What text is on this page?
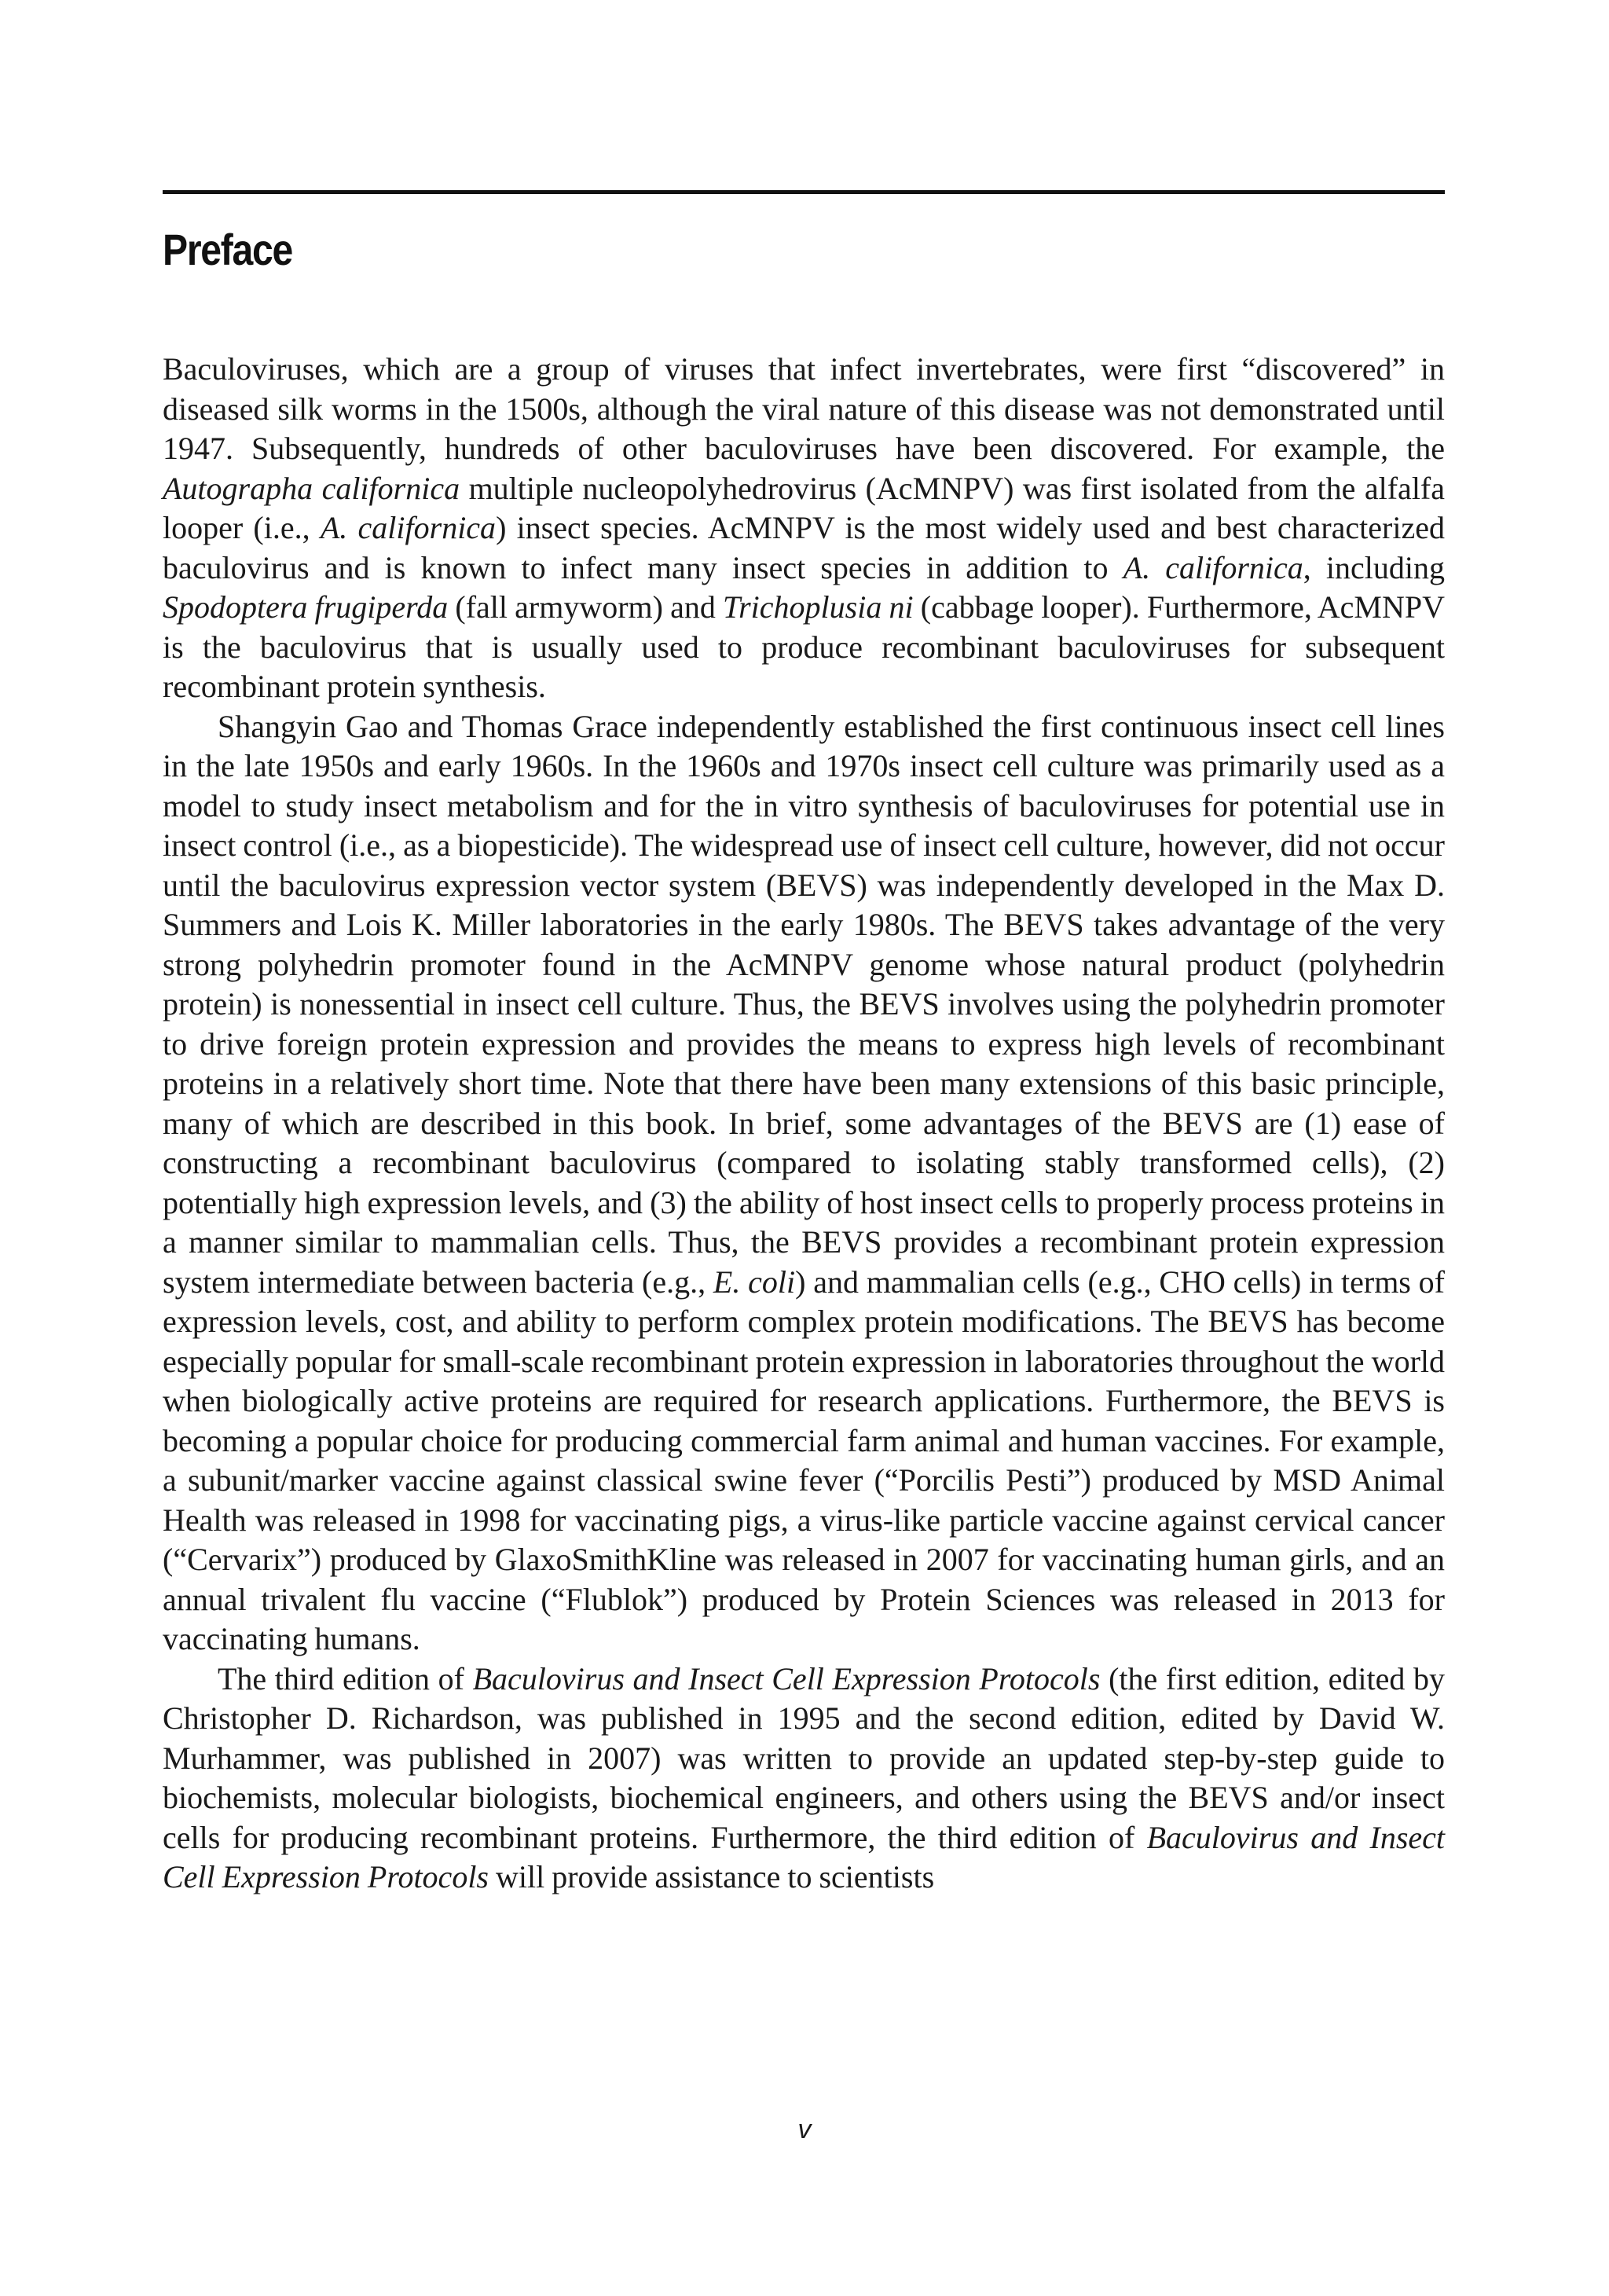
Preface

Baculoviruses, which are a group of viruses that infect invertebrates, were first “discovered” in diseased silk worms in the 1500s, although the viral nature of this disease was not demonstrated until 1947. Subsequently, hundreds of other baculoviruses have been discovered. For example, the Autographa californica multiple nucleopolyhedrovirus (AcMNPV) was first isolated from the alfalfa looper (i.e., A. californica) insect species. AcMNPV is the most widely used and best characterized baculovirus and is known to infect many insect species in addition to A. californica, including Spodoptera frugiperda (fall armyworm) and Trichoplusia ni (cabbage looper). Furthermore, AcMNPV is the baculovirus that is usually used to produce recombinant baculoviruses for subsequent recombinant protein synthesis.

Shangyin Gao and Thomas Grace independently established the first continuous insect cell lines in the late 1950s and early 1960s. In the 1960s and 1970s insect cell culture was primarily used as a model to study insect metabolism and for the in vitro synthesis of baculoviruses for potential use in insect control (i.e., as a biopesticide). The widespread use of insect cell culture, however, did not occur until the baculovirus expression vector system (BEVS) was independently developed in the Max D. Summers and Lois K. Miller laboratories in the early 1980s. The BEVS takes advantage of the very strong polyhedrin promoter found in the AcMNPV genome whose natural product (polyhedrin protein) is nonessential in insect cell culture. Thus, the BEVS involves using the polyhedrin promoter to drive foreign protein expression and provides the means to express high levels of recombinant proteins in a relatively short time. Note that there have been many extensions of this basic principle, many of which are described in this book. In brief, some advantages of the BEVS are (1) ease of constructing a recombinant baculovirus (compared to isolating stably transformed cells), (2) potentially high expression levels, and (3) the ability of host insect cells to properly process proteins in a manner similar to mammalian cells. Thus, the BEVS provides a recombinant protein expression system intermediate between bacteria (e.g., E. coli) and mammalian cells (e.g., CHO cells) in terms of expression levels, cost, and ability to perform complex protein modifications. The BEVS has become especially popular for small-scale recombinant protein expression in laboratories throughout the world when biologically active proteins are required for research applications. Furthermore, the BEVS is becoming a popular choice for producing commercial farm animal and human vaccines. For example, a subunit/marker vaccine against classical swine fever (“Porcilis Pesti”) produced by MSD Animal Health was released in 1998 for vaccinating pigs, a virus-like particle vaccine against cervical cancer (“Cervarix”) produced by GlaxoSmithKline was released in 2007 for vaccinating human girls, and an annual trivalent flu vaccine (“Flublok”) produced by Protein Sciences was released in 2013 for vaccinating humans.

The third edition of Baculovirus and Insect Cell Expression Protocols (the first edition, edited by Christopher D. Richardson, was published in 1995 and the second edition, edited by David W. Murhammer, was published in 2007) was written to provide an updated step-by-step guide to biochemists, molecular biologists, biochemical engineers, and others using the BEVS and/or insect cells for producing recombinant proteins. Furthermore, the third edition of Baculovirus and Insect Cell Expression Protocols will provide assistance to scientists

v
